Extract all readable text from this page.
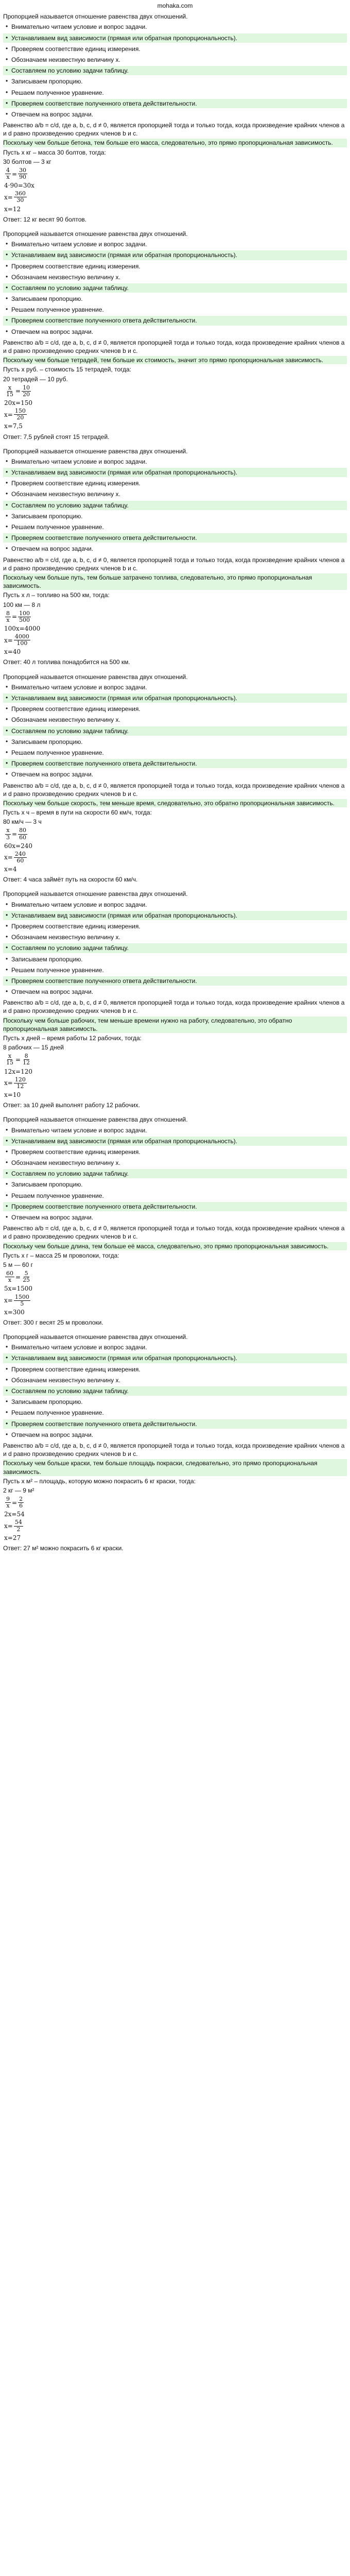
mohaka.com
Пропорцией называется отношение равенства двух отношений.
• Внимательно читаем условие и вопрос задачи.
• Устанавливаем вид зависимости (прямая или обратная пропорциональность).
• Проверяем соответствие единиц измерения.
• Обозначаем неизвестную величину x.
• Составляем по условию задачи таблицу.
• Записываем пропорцию.
• Решаем полученное уравнение.
• Проверяем соответствие полученного ответа действительности.
• Отвечаем на вопрос задачи.
Равенство a/b = c/d, где a, b, c, d ≠ 0, является пропорцией тогда и только тогда, когда произведение крайних членов a и d равно произведению средних членов b и c.
Поскольку чем больше бетона, тем больше его масса, следовательно, это прямо пропорциональная зависимость.
Пусть x кг – масса 30 болтов, тогда:
30 болтов — 3 кг
$\frac{4}{x} = \frac{30}{90}$
4 · 90 = 30x
$x = \frac{360}{30}$
x = 12
Ответ: 12 кг весят 90 болтов.
Пропорцией называется отношение равенства двух отношений.
• Внимательно читаем условие и вопрос задачи.
• Устанавливаем вид зависимости (прямая или обратная пропорциональность).
• Проверяем соответствие единиц измерения.
• Обозначаем неизвестную величину x.
• Составляем по условию задачи таблицу.
• Записываем пропорцию.
• Решаем полученное уравнение.
• Проверяем соответствие полученного ответа действительности.
• Отвечаем на вопрос задачи.
Равенство a/b = c/d, где a, b, c, d ≠ 0, является пропорцией тогда и только тогда, когда произведение крайних членов a и d равно произведению средних членов b и c.
Поскольку чем больше тетрадей, тем больше их стоимость, значит это прямо пропорциональная зависимость.
Пусть x руб. – стоимость 15 тетрадей, тогда:
20 тетрадей — 10 руб.
$\frac{x}{15} = \frac{10}{20}$
20x = 150
$x = \frac{150}{20}$
x = 7,5
Ответ: 7,5 рублей стоят 15 тетрадей.
Пропорцией называется отношение равенства двух отношений.
• Внимательно читаем условие и вопрос задачи.
• Устанавливаем вид зависимости (прямая или обратная пропорциональность).
• Проверяем соответствие единиц измерения.
• Обозначаем неизвестную величину x.
• Составляем по условию задачи таблицу.
• Записываем пропорцию.
• Решаем полученное уравнение.
• Проверяем соответствие полученного ответа действительности.
• Отвечаем на вопрос задачи.
Равенство a/b = c/d, где a, b, c, d ≠ 0, является пропорцией тогда и только тогда, когда произведение крайних членов a и d равно произведению средних членов b и c.
Поскольку чем больше путь, тем больше затрачено топлива, следовательно, это прямо пропорциональная зависимость.
Пусть x л – топливо на 500 км, тогда:
100 км — 8 л
$\frac{8}{x} = \frac{100}{500}$
100x = 4000
$x = \frac{4000}{100}$
x = 40
Ответ: 40 л топлива понадобится на 500 км.
Пропорцией называется отношение равенства двух отношений.
• Внимательно читаем условие и вопрос задачи.
• Устанавливаем вид зависимости (прямая или обратная пропорциональность).
• Проверяем соответствие единиц измерения.
• Обозначаем неизвестную величину x.
• Составляем по условию задачи таблицу.
• Записываем пропорцию.
• Решаем полученное уравнение.
• Проверяем соответствие полученного ответа действительности.
• Отвечаем на вопрос задачи.
Равенство a/b = c/d, где a, b, c, d ≠ 0, является пропорцией тогда и только тогда, когда произведение крайних членов a и d равно произведению средних членов b и c.
Поскольку чем больше скорость, тем меньше время, следовательно, это обратно пропорциональная зависимость.
Пусть x ч – время в пути на скорости 60 км/ч, тогда:
80 км/ч — 3 ч
$\frac{x}{3} = \frac{80}{60}$
60x = 240
$x = \frac{240}{60}$
x = 4
Ответ: 4 часа займёт путь на скорости 60 км/ч.
Пропорцией называется отношение равенства двух отношений.
• Внимательно читаем условие и вопрос задачи.
• Устанавливаем вид зависимости (прямая или обратная пропорциональность).
• Проверяем соответствие единиц измерения.
• Обозначаем неизвестную величину x.
• Составляем по условию задачи таблицу.
• Записываем пропорцию.
• Решаем полученное уравнение.
• Проверяем соответствие полученного ответа действительности.
• Отвечаем на вопрос задачи.
Равенство a/b = c/d, где a, b, c, d ≠ 0, является пропорцией тогда и только тогда, когда произведение крайних членов a и d равно произведению средних членов b и c.
Поскольку чем больше рабочих, тем меньше времени нужно на работу, следовательно, это обратно пропорциональная зависимость.
Пусть x дней – время работы 12 рабочих, тогда:
8 рабочих — 15 дней
$\frac{x}{15} = \frac{8}{12}$
12x = 120
$x = \frac{120}{12}$
x = 10
Ответ: за 10 дней выполнят работу 12 рабочих.
Пропорцией называется отношение равенства двух отношений.
• Внимательно читаем условие и вопрос задачи.
• Устанавливаем вид зависимости (прямая или обратная пропорциональность).
• Проверяем соответствие единиц измерения.
• Обозначаем неизвестную величину x.
• Составляем по условию задачи таблицу.
• Записываем пропорцию.
• Решаем полученное уравнение.
• Проверяем соответствие полученного ответа действительности.
• Отвечаем на вопрос задачи.
Равенство a/b = c/d, где a, b, c, d ≠ 0, является пропорцией тогда и только тогда, когда произведение крайних членов a и d равно произведению средних членов b и c.
Поскольку чем больше длина, тем больше её масса, следовательно, это прямо пропорциональная зависимость.
Пусть x г – масса 25 м проволоки, тогда:
5 м — 60 г
$\frac{60}{x} = \frac{5}{25}$
5x = 1500
$x = \frac{1500}{5}$
x = 300
Ответ: 300 г весят 25 м проволоки.
Пропорцией называется отношение равенства двух отношений.
• Внимательно читаем условие и вопрос задачи.
• Устанавливаем вид зависимости (прямая или обратная пропорциональность).
• Проверяем соответствие единиц измерения.
• Обозначаем неизвестную величину x.
• Составляем по условию задачи таблицу.
• Записываем пропорцию.
• Решаем полученное уравнение.
• Проверяем соответствие полученного ответа действительности.
• Отвечаем на вопрос задачи.
Равенство a/b = c/d, где a, b, c, d ≠ 0, является пропорцией тогда и только тогда, когда произведение крайних членов a и d равно произведению средних членов b и c.
Поскольку чем больше краски, тем больше площадь покраски, следовательно, это прямо пропорциональная зависимость.
Пусть x м² – площадь, которую можно покрасить 6 кг краски, тогда:
2 кг — 9 м²
$\frac{9}{x} = \frac{2}{6}$
2x = 54
$x = \frac{54}{2}$
x = 27
Ответ: 27 м² можно покрасить 6 кг краски.
